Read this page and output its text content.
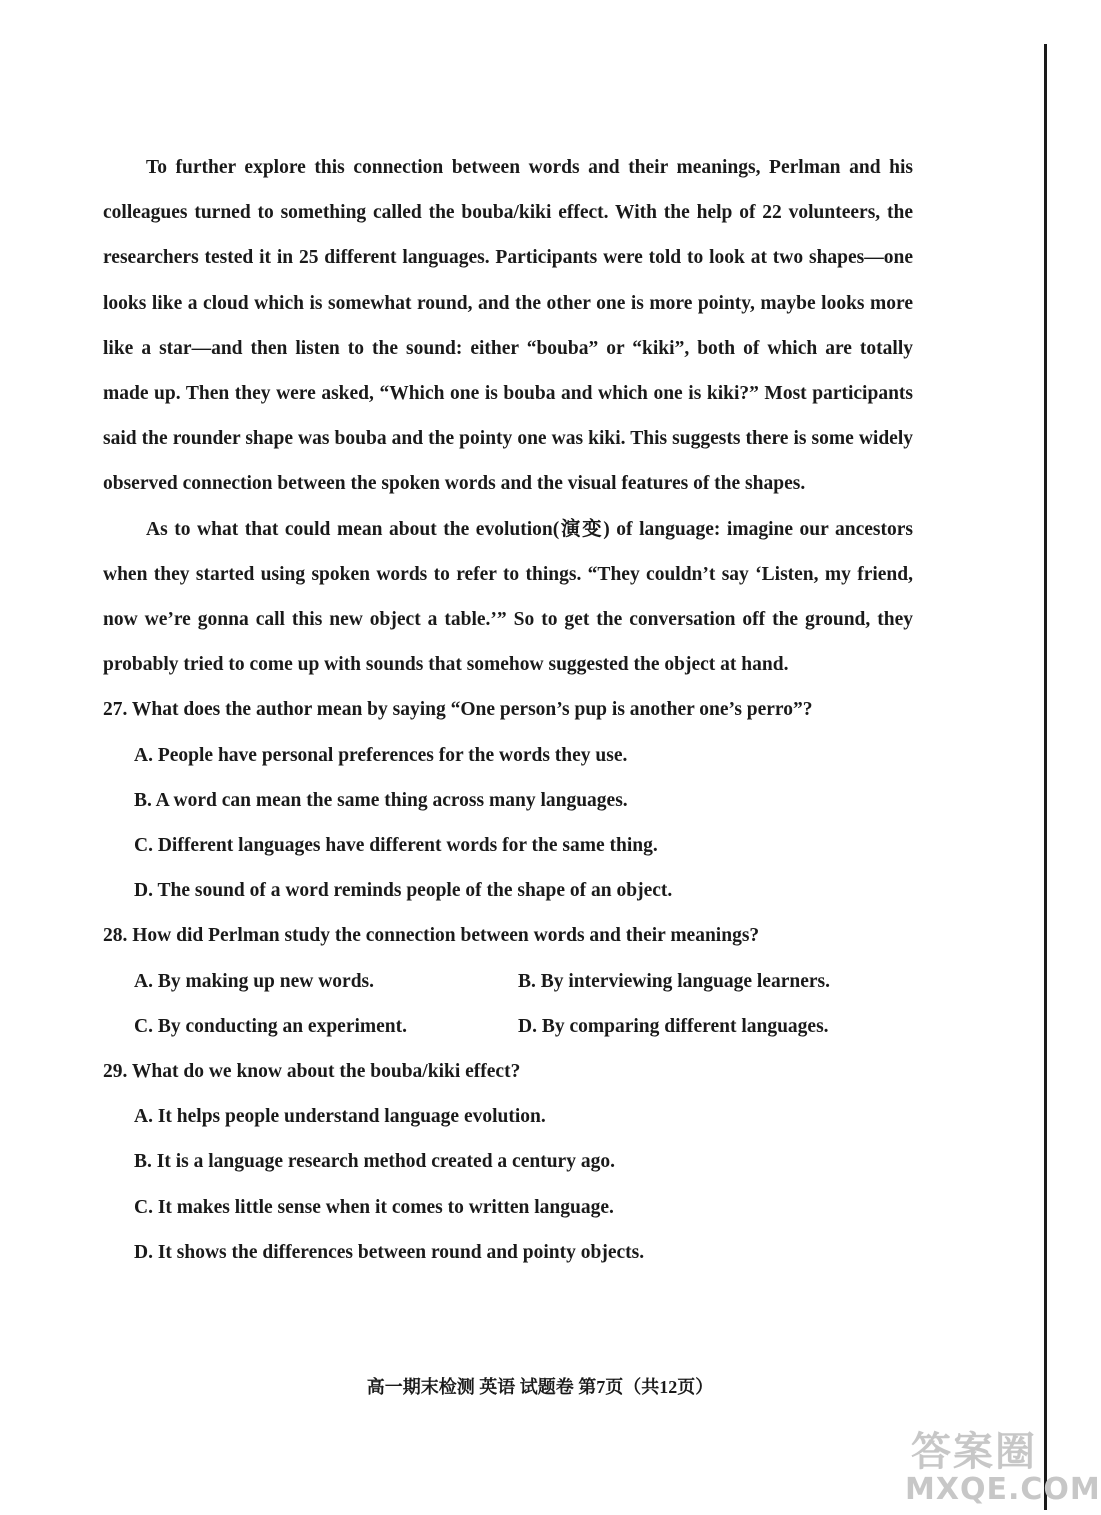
To further explore this connection between words and their meanings, Perlman and his colleagues turned to something called the bouba/kiki effect. With the help of 22 volunteers, the researchers tested it in 25 different languages. Participants were told to look at two shapes—one looks like a cloud which is somewhat round, and the other one is more pointy, maybe looks more like a star—and then listen to the sound: either “bouba” or “kiki”, both of which are totally made up. Then they were asked, “Which one is bouba and which one is kiki?” Most participants said the rounder shape was bouba and the pointy one was kiki. This suggests there is some widely observed connection between the spoken words and the visual features of the shapes.

As to what that could mean about the evolution(演变) of language: imagine our ancestors when they started using spoken words to refer to things. “They couldn’t say ‘Listen, my friend, now we’re gonna call this new object a table.’” So to get the conversation off the ground, they probably tried to come up with sounds that somehow suggested the object at hand.

27. What does the author mean by saying “One person’s pup is another one’s perro”?

A. People have personal preferences for the words they use.

B. A word can mean the same thing across many languages.

C. Different languages have different words for the same thing.

D. The sound of a word reminds people of the shape of an object.

28. How did Perlman study the connection between words and their meanings?

A. By making up new words.	B. By interviewing language learners.
C. By conducting an experiment.	D. By comparing different languages.

29. What do we know about the bouba/kiki effect?

A. It helps people understand language evolution.

B. It is a language research method created a century ago.

C. It makes little sense when it comes to written language.

D. It shows the differences between round and pointy objects.

高一期末检测 英语 试题卷 第7页（共12页）
答案圈
MXQE.COM
